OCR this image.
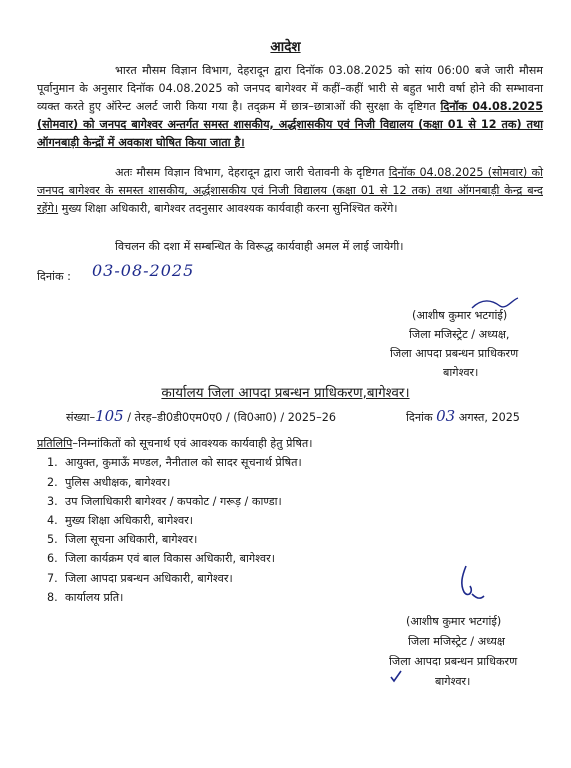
आदेश
भारत मौसम विज्ञान विभाग, देहरादून द्वारा दिनॉक 03.08.2025 को सांय 06:00 बजे जारी मौसम पूर्वानुमान के अनुसार दिनॉक 04.08.2025 को जनपद बागेश्वर में कहीं–कहीं भारी से बहुत भारी वर्षा होने की सम्भावना व्यक्त करते हुए ऑरेन्ट अलर्ट जारी किया गया है। तद्क्रम में छात्र–छात्राओं की सुरक्षा के दृष्टिगत दिनॉक 04.08.2025 (सोमवार) को जनपद बागेश्वर अन्तर्गत समस्त शासकीय, अर्द्धशासकीय एवं निजी विद्यालय (कक्षा 01 से 12 तक) तथा ऑगनबाड़ी केन्द्रों में अवकाश घोषित किया जाता है।
अतः मौसम विज्ञान विभाग, देहरादून द्वारा जारी चेतावनी के दृष्टिगत दिनॉक 04.08.2025 (सोमवार) को जनपद बागेश्वर के समस्त शासकीय, अर्द्धशासकीय एवं निजी विद्यालय (कक्षा 01 से 12 तक) तथा ऑगनबाड़ी केन्द्र बन्द रहेंगे। मुख्य शिक्षा अधिकारी, बागेश्वर तदनुसार आवश्यक कार्यवाही करना सुनिश्चित करेंगे।
विचलन की दशा में सम्बन्धित के विरूद्ध कार्यवाही अमल में लाई जायेगी।
दिनांक : 03-08-2025
(आशीष कुमार भटगांई)
जिला मजिस्ट्रेट / अध्यक्ष,
जिला आपदा प्रबन्धन प्राधिकरण
बागेश्वर।
कार्यालय जिला आपदा प्रबन्धन प्राधिकरण,बागेश्वर।
संख्या–105 / तेरह–डी0डी0एम0ए0 / (वि0आ0) / 2025–26	दिनांक 03 अगस्त, 2025
प्रतिलिपि–निम्नांकितों को सूचनार्थ एवं आवश्यक कार्यवाही हेतु प्रेषित।
1. आयुक्त, कुमाऊँ मण्डल, नैनीताल को सादर सूचनार्थ प्रेषित।
2. पुलिस अधीक्षक, बागेश्वर।
3. उप जिलाधिकारी बागेश्वर / कपकोट / गरूड़ / काण्डा।
4. मुख्य शिक्षा अधिकारी, बागेश्वर।
5. जिला सूचना अधिकारी, बागेश्वर।
6. जिला कार्यक्रम एवं बाल विकास अधिकारी, बागेश्वर।
7. जिला आपदा प्रबन्धन अधिकारी, बागेश्वर।
8. कार्यालय प्रति।
(आशीष कुमार भटगांई)
जिला मजिस्ट्रेट / अध्यक्ष
जिला आपदा प्रबन्धन प्राधिकरण
बागेश्वर।
